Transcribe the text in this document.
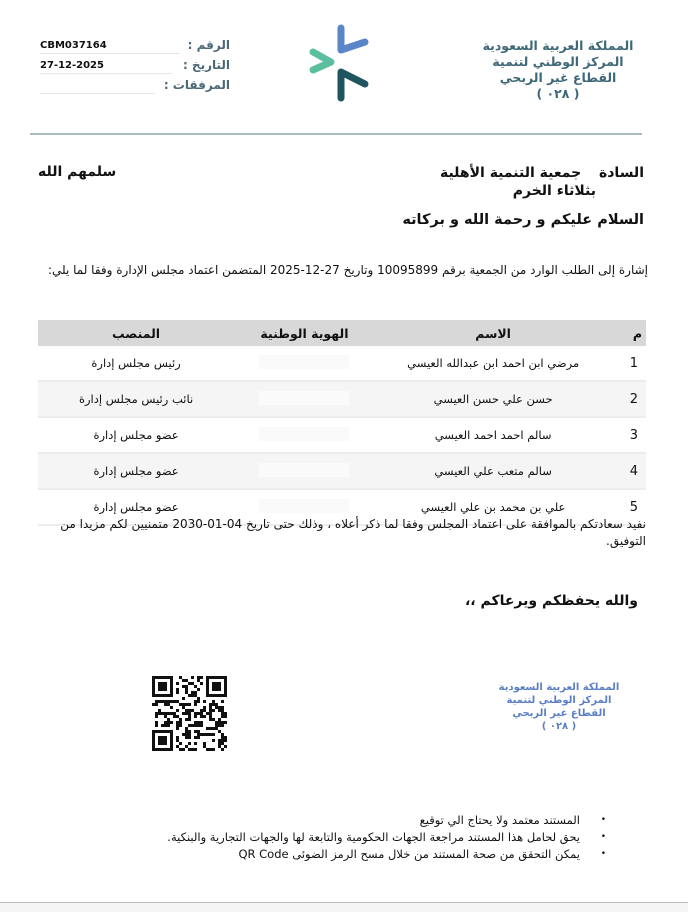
الرقم :
CBM037164
التاريخ :
27-12-2025
المرفقات :
المملكة العربية السعودية
المركز الوطني لتنمية
القطاع غير الربحي
( ٠٢٨ )
السادة  جمعية التنمية الأهلية
بثلاثاء الخرم
سلمهم الله
السلام عليكم و رحمة الله و بركاته
إشارة إلى الطلب الوارد من الجمعية برقم 10095899 وتاريخ 27-12-2025 المتضمن اعتماد مجلس الإدارة وفقا لما يلي:
م	الاسم	الهوية الوطنية	المنصب
1	مرضي ابن احمد ابن عبدالله العيسي		رئيس مجلس إدارة
2	حسن علي حسن العيسي		نائب رئيس مجلس إدارة
3	سالم احمد احمد العيسي		عضو مجلس إدارة
4	سالم متعب علي العيسي		عضو مجلس إدارة
5	علي بن محمد بن علي العيسي		عضو مجلس إدارة
نفيد سعادتكم بالموافقة على اعتماد المجلس وفقا لما ذكر أعلاه ، وذلك حتى تاريخ 04-01-2030 متمنيين لكم مزيدا من التوفيق.
والله يحفظكم ويرعاكم ،،
المملكة العربية السعودية
المركز الوطني لتنمية
القطاع غير الربحي
( ٠٢٨ )
• المستند معتمد ولا يحتاج الي توقيع
• يحق لحامل هذا المستند مراجعة الجهات الحكومية والتابعة لها والجهات التجارية والبنكية.
• يمكن التحقق من صحة المستند من خلال مسح الرمز الضوئى QR Code
